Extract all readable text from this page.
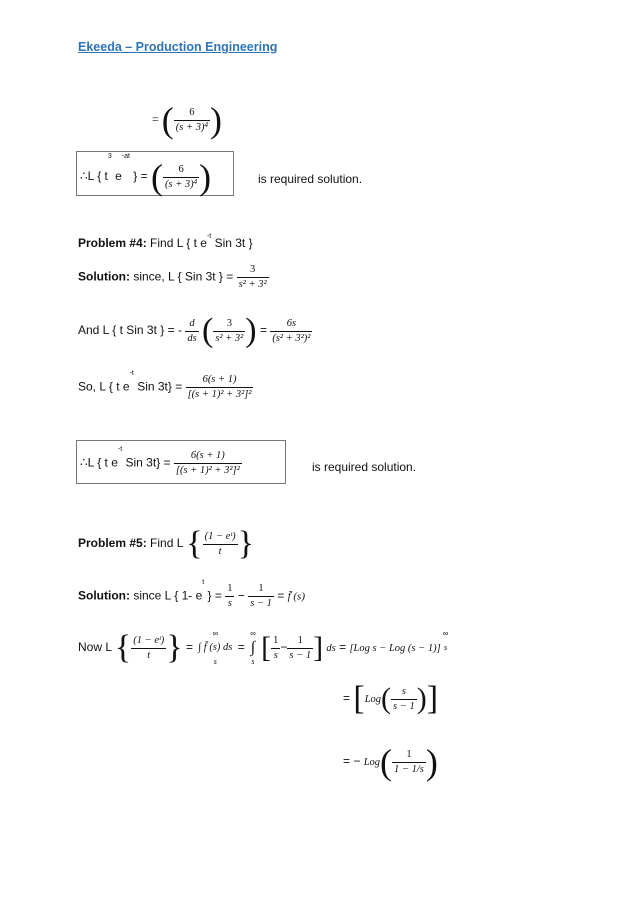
Ekeeda – Production Engineering
= ( $\frac{6}{(s + 3)^4}$ )
∴L { $t^3$ $e^{-at}$ } = ( $\frac{6}{(s + 3)^4}$ )	is required solution.
Problem #4: Find L { t $e^{-t}$ Sin 3t }
Solution: since, L { Sin 3t } = $\frac{3}{\text{s² + 3²}}$
And L { t Sin 3t } = - $\frac{d}{ds}$ ( $\frac{3}{\text{s² + 3²}}$ ) = $\frac{6s}{\text{(s² + 3²)²}}$
So, L { t $e^{-t}$ Sin $3t\} = \frac{6(s + 1)}{\text{[(s + 1)² + 3²]²}}$
∴L { t $e^{-t}$ Sin $3t\} = \frac{6(s + 1)}{\text{[(s + 1)² + 3²]²}}$	is required solution.
Problem #5: Find L { $\frac{\text{(1 − eᵗ)}}{t}$ }
Solution: since L { 1- $e^t$ } = $\frac{1}{s} - \frac{1}{s - 1}$ = f̄ (s)
Now L { $\frac{\text{(1 − eᵗ)}}{t}$ } =
∞
∫ f̄ (s) ds
s
=
∞
∫
s [ $\frac{1}{s} - \frac{1}{s - 1}$ ] ds = [Log s − Log (s − 1)]
∞
s
= [$Log( \frac{s}{s - 1}$ )]
= − $Log( \frac{1}{1 - 1/s}$ )
